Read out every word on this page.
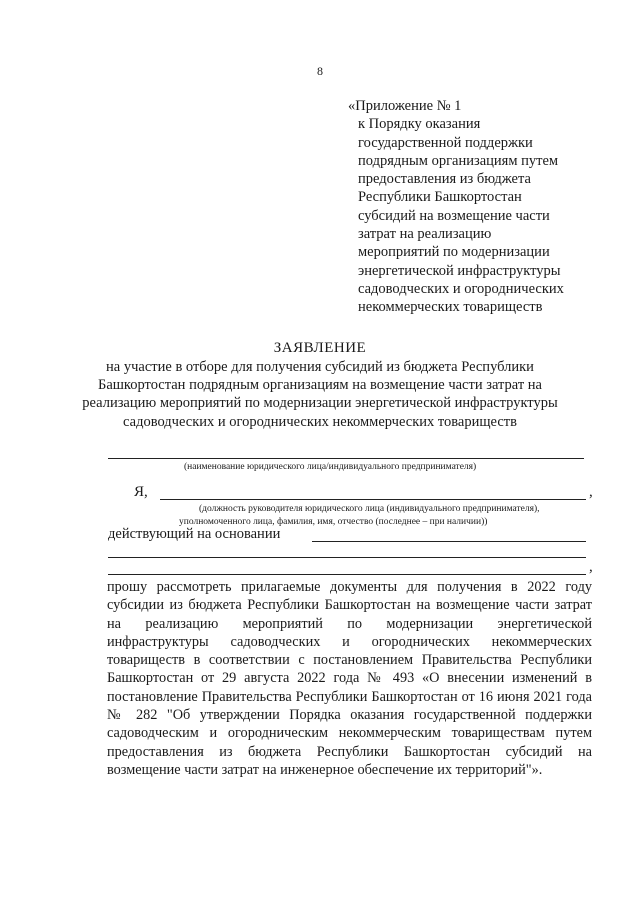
8
«Приложение № 1
к Порядку оказания
государственной поддержки
подрядным организациям путем
предоставления из бюджета
Республики Башкортостан
субсидий на возмещение части
затрат на реализацию
мероприятий по модернизации
энергетической инфраструктуры
садоводческих и огороднических
некоммерческих товариществ
ЗАЯВЛЕНИЕ
на участие в отборе для получения субсидий из бюджета Республики Башкортостан подрядным организациям на возмещение части затрат на реализацию мероприятий по модернизации энергетической инфраструктуры садоводческих и огороднических некоммерческих товариществ
(наименование юридического лица/индивидуального предпринимателя)
Я,	,
(должность руководителя юридического лица (индивидуального предпринимателя),
уполномоченного лица, фамилия, имя, отчество (последнее – при наличии))
действующий на основании
,
прошу рассмотреть прилагаемые документы для получения в 2022 году субсидии из бюджета Республики Башкортостан на возмещение части затрат на реализацию мероприятий по модернизации энергетической инфраструктуры садоводческих и огороднических некоммерческих товариществ в соответствии с постановлением Правительства Республики Башкортостан от 29 августа 2022 года № 493 «О внесении изменений в постановление Правительства Республики Башкортостан от 16 июня 2021 года № 282 "Об утверждении Порядка оказания государственной поддержки садоводческим и огородническим некоммерческим товариществам путем предоставления из бюджета Республики Башкортостан субсидий на возмещение части затрат на инженерное обеспечение их территорий"».
